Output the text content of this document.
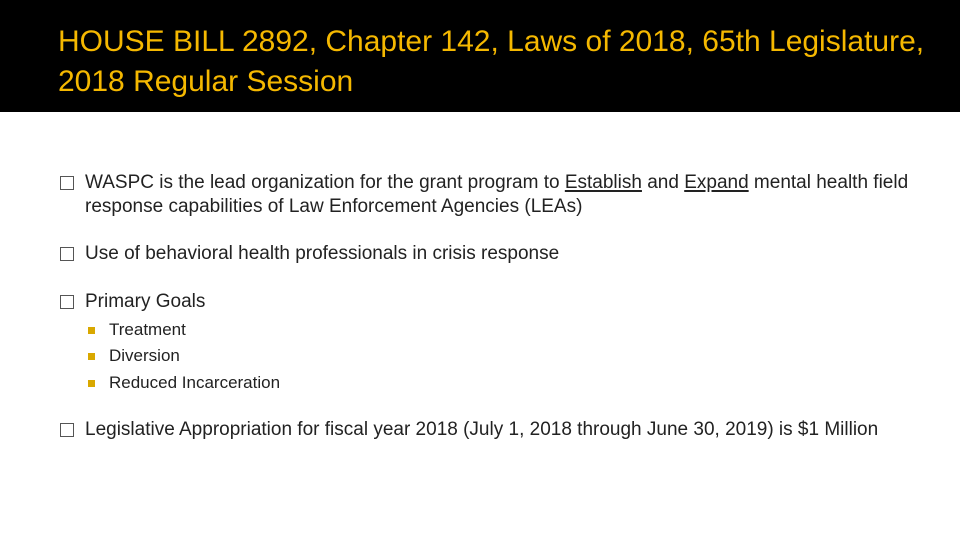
HOUSE BILL 2892, Chapter 142, Laws of 2018, 65th Legislature, 2018 Regular Session
WASPC is the lead organization for the grant program to Establish and Expand mental health field response capabilities of Law Enforcement Agencies (LEAs)
Use of behavioral health professionals in crisis response
Primary Goals
Treatment
Diversion
Reduced Incarceration
Legislative Appropriation for fiscal year 2018 (July 1, 2018 through June 30, 2019) is $1 Million
